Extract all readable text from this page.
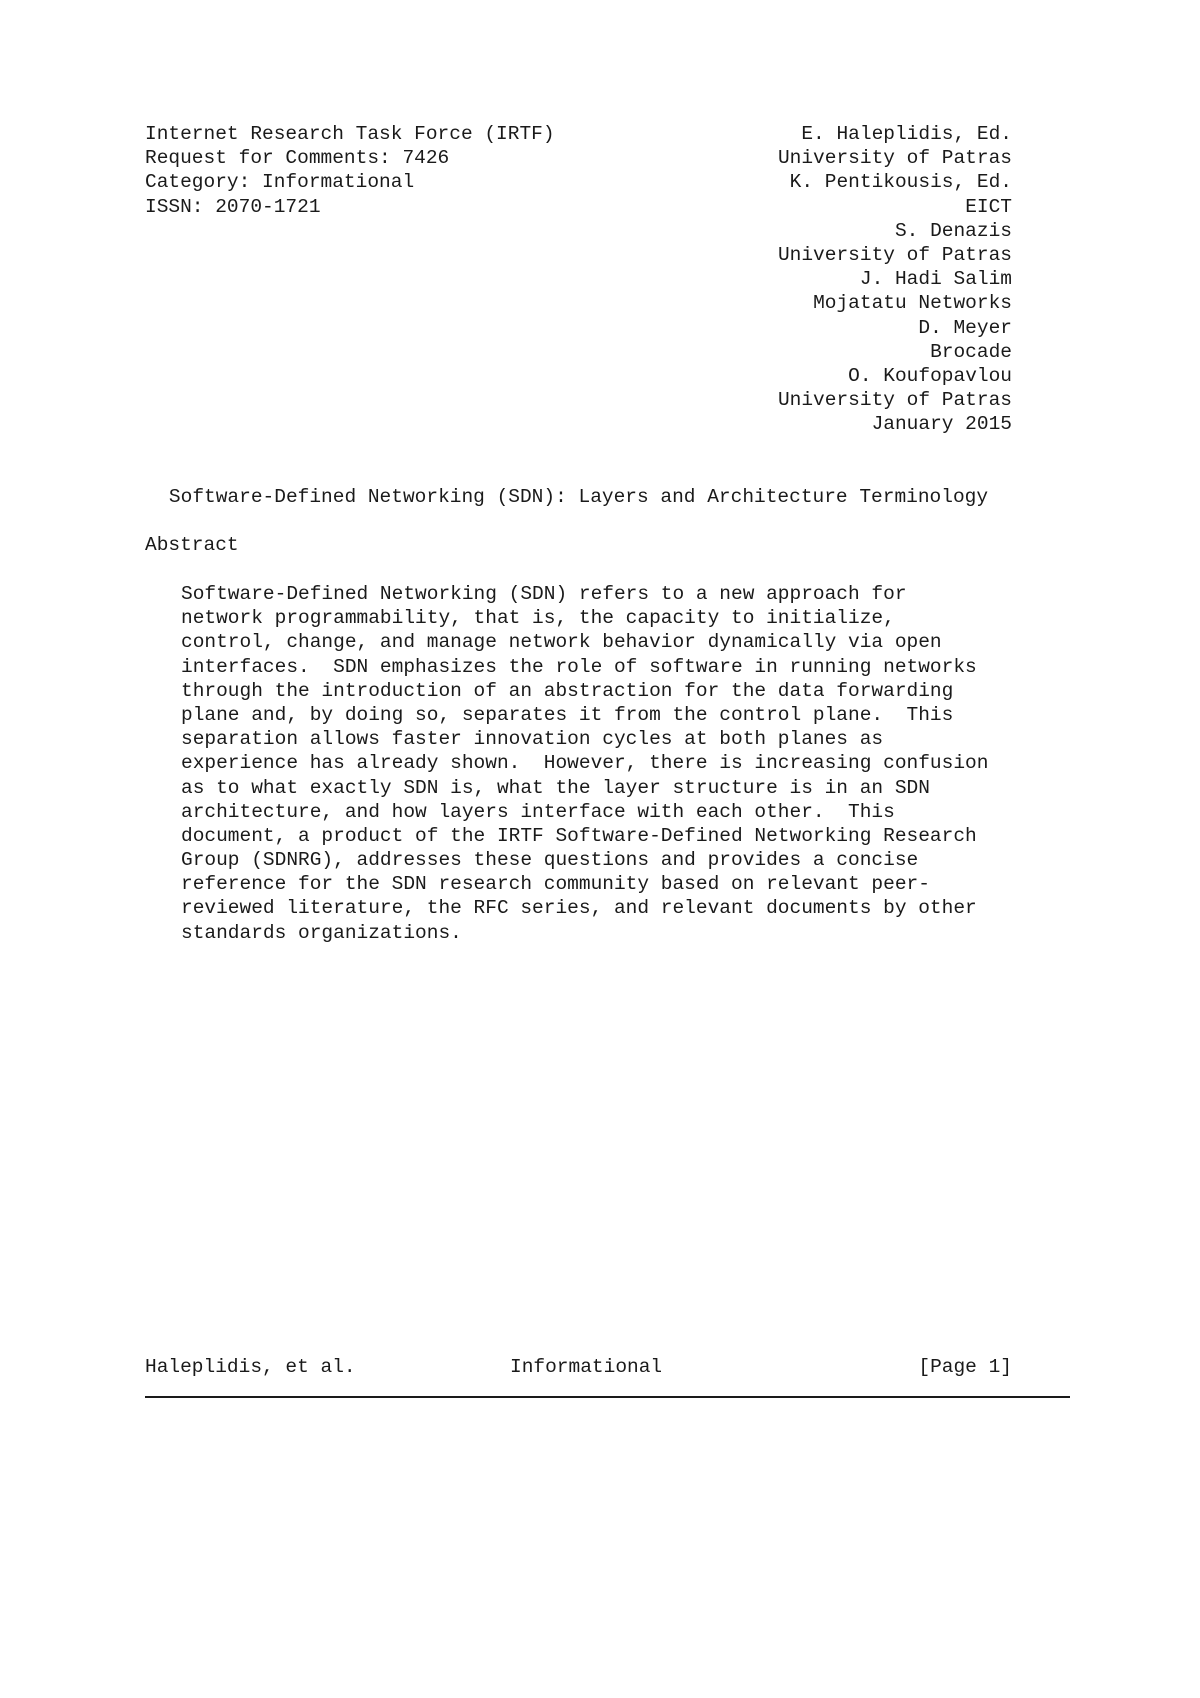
Internet Research Task Force (IRTF)
Request for Comments: 7426
Category: Informational
ISSN: 2070-1721
E. Haleplidis, Ed.
University of Patras
K. Pentikousis, Ed.
EICT
S. Denazis
University of Patras
J. Hadi Salim
Mojatatu Networks
D. Meyer
Brocade
O. Koufopavlou
University of Patras
January 2015
Software-Defined Networking (SDN): Layers and Architecture Terminology
Abstract
Software-Defined Networking (SDN) refers to a new approach for
network programmability, that is, the capacity to initialize,
control, change, and manage network behavior dynamically via open
interfaces.  SDN emphasizes the role of software in running networks
through the introduction of an abstraction for the data forwarding
plane and, by doing so, separates it from the control plane.  This
separation allows faster innovation cycles at both planes as
experience has already shown.  However, there is increasing confusion
as to what exactly SDN is, what the layer structure is in an SDN
architecture, and how layers interface with each other.  This
document, a product of the IRTF Software-Defined Networking Research
Group (SDNRG), addresses these questions and provides a concise
reference for the SDN research community based on relevant peer-
reviewed literature, the RFC series, and relevant documents by other
standards organizations.
Haleplidis, et al.	Informational	[Page 1]
